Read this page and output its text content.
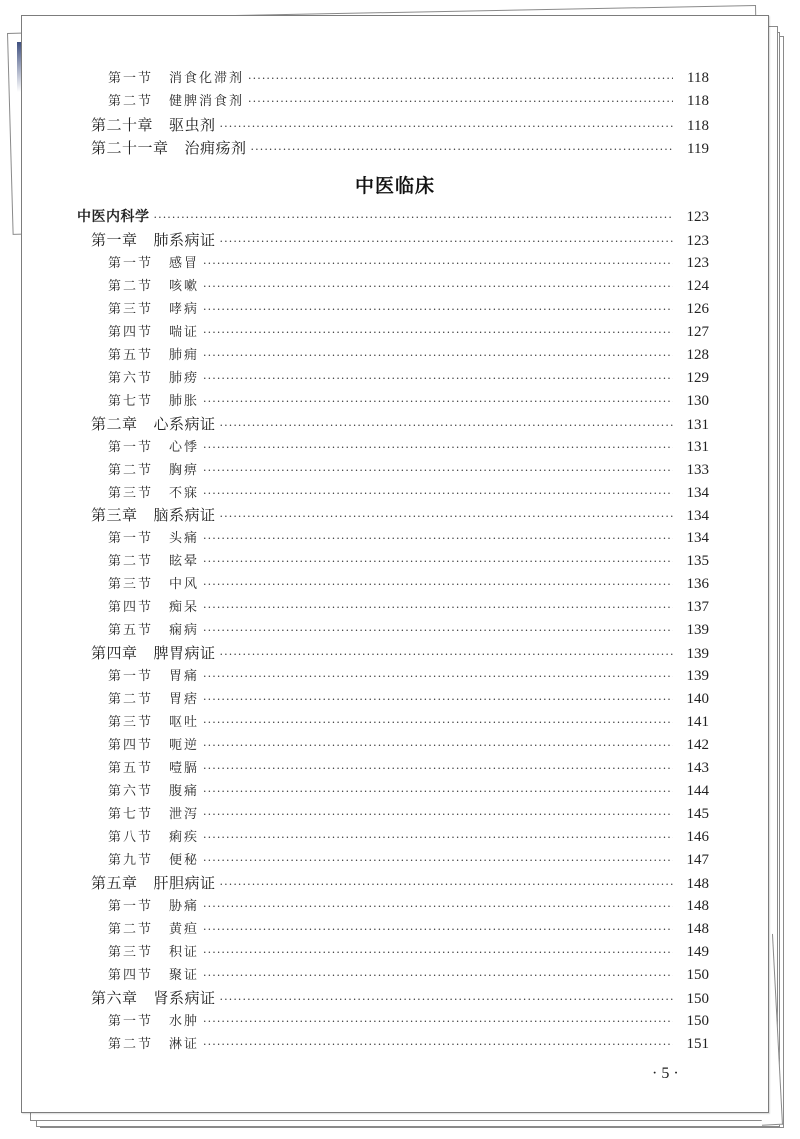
第一节 消食化滞剂 ·····	118
第二节 健脾消食剂 ·····	118
第二十章 驱虫剂 ·····	118
第二十一章 治痈疡剂 ·····	119
中医临床
中医内科学 ·····	123
第一章 肺系病证 ·····	123
第一节 感冒 ·····	123
第二节 咳嗽 ·····	124
第三节 哮病 ·····	126
第四节 喘证 ·····	127
第五节 肺痈 ·····	128
第六节 肺痨 ·····	129
第七节 肺胀 ·····	130
第二章 心系病证 ·····	131
第一节 心悸 ·····	131
第二节 胸痹 ·····	133
第三节 不寐 ·····	134
第三章 脑系病证 ·····	134
第一节 头痛 ·····	134
第二节 眩晕 ·····	135
第三节 中风 ·····	136
第四节 痴呆 ·····	137
第五节 痫病 ·····	139
第四章 脾胃病证 ·····	139
第一节 胃痛 ·····	139
第二节 胃痞 ·····	140
第三节 呕吐 ·····	141
第四节 呃逆 ·····	142
第五节 噎膈 ·····	143
第六节 腹痛 ·····	144
第七节 泄泻 ·····	145
第八节 痢疾 ·····	146
第九节 便秘 ·····	147
第五章 肝胆病证 ·····	148
第一节 胁痛 ·····	148
第二节 黄疸 ·····	148
第三节 积证 ·····	149
第四节 聚证 ·····	150
第六章 肾系病证 ·····	150
第一节 水肿 ·····	150
第二节 淋证 ·····	151
· 5 ·
